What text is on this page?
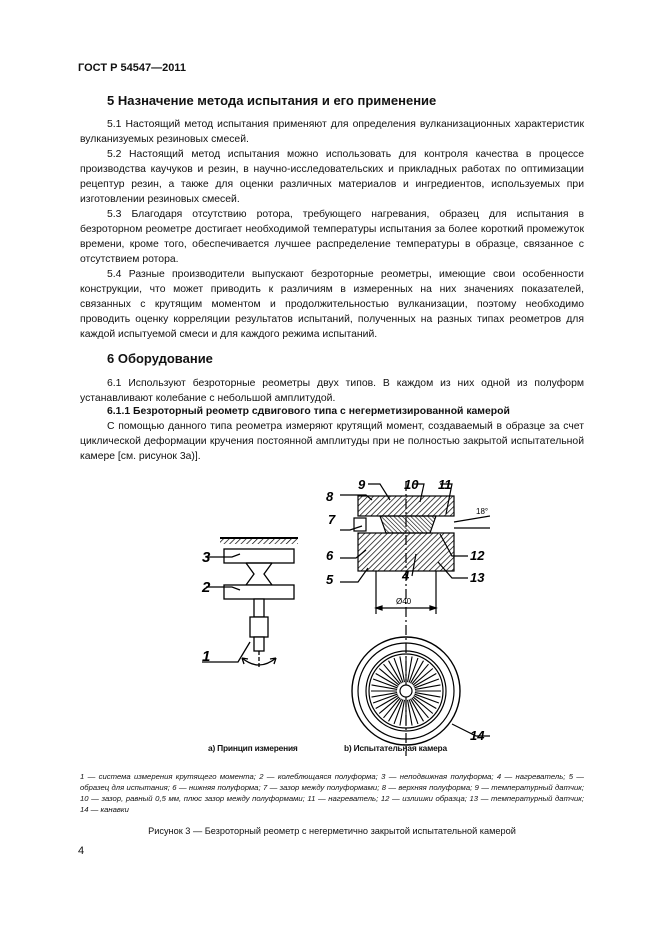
ГОСТ Р 54547—2011
5 Назначение метода испытания и его применение
5.1 Настоящий метод испытания применяют для определения вулканизационных характеристик вулканизуемых резиновых смесей.
5.2 Настоящий метод испытания можно использовать для контроля качества в процессе производства каучуков и резин, в научно-исследовательских и прикладных работах по оптимизации рецептур резин, а также для оценки различных материалов и ингредиентов, используемых при изготовлении резиновых смесей.
5.3 Благодаря отсутствию ротора, требующего нагревания, образец для испытания в безроторном реометре достигает необходимой температуры испытания за более короткий промежуток времени, кроме того, обеспечивается лучшее распределение температуры в образце, связанное с отсутствием ротора.
5.4 Разные производители выпускают безроторные реометры, имеющие свои особенности конструкции, что может приводить к различиям в измеренных на них значениях показателей, связанных с крутящим моментом и продолжительностью вулканизации, поэтому необходимо проводить оценку корреляции результатов испытаний, полученных на разных типах реометров для каждой испытуемой смеси и для каждого режима испытаний.
6 Оборудование
6.1 Используют безроторные реометры двух типов. В каждом из них одной из полуформ устанавливают колебание с небольшой амплитудой.
6.1.1 Безроторный реометр сдвигового типа с негерметизированной камерой
С помощью данного типа реометра измеряют крутящий момент, создаваемый в образце за счет циклической деформации кручения постоянной амплитуды при не полностью закрытой испытательной камере [см. рисунок 3а)].
3
2
1
9	10 11
8
7
6
5	4
12
13
14
18°
Ø40
а) Принцип измерения	b) Испытательная камера
1 — система измерения крутящего момента; 2 — колеблющаяся полуформа; 3 — неподвижная полуформа; 4 — нагреватель; 5 — образец для испытания; 6 — нижняя полуформа; 7 — зазор между полуформами; 8 — верхняя полуформа; 9 — температурный датчик; 10 — зазор, равный 0,5 мм, плюс зазор между полуформами; 11 — нагреватель; 12 — излишки образца; 13 — температурный датчик; 14 — канавки
Рисунок 3 — Безроторный реометр с негерметично закрытой испытательной камерой
4
